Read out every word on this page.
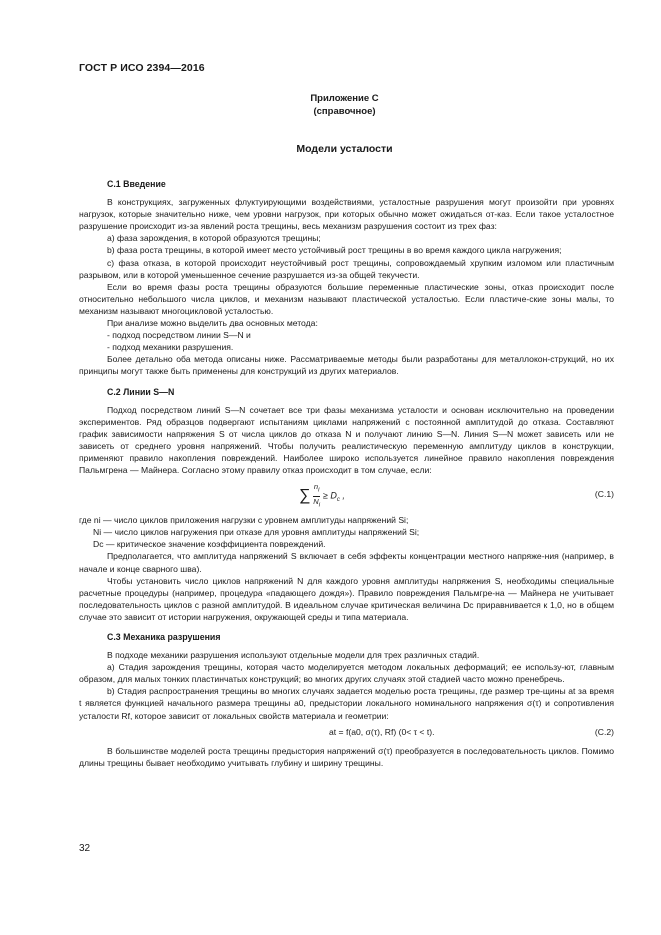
ГОСТ Р ИСО 2394—2016
Приложение С
(справочное)
Модели усталости
С.1 Введение

В конструкциях, загруженных флуктуирующими воздействиями, усталостные разрушения могут произойти при уровнях нагрузок, которые значительно ниже, чем уровни нагрузок, при которых обычно может ожидаться от-каз. Если такое усталостное разрушение происходит из-за явлений роста трещины, весь механизм разрушения состоит из трех фаз:

а) фаза зарождения, в которой образуются трещины;

b) фаза роста трещины, в которой имеет место устойчивый рост трещины в во время каждого цикла нагружения;

с) фаза отказа, в которой происходит неустойчивый рост трещины, сопровождаемый хрупким изломом или пластичным разрывом, или в которой уменьшенное сечение разрушается из-за общей текучести.

Если во время фазы роста трещины образуются большие переменные пластические зоны, отказ происходит после относительно небольшого числа циклов, и механизм называют пластической усталостью. Если пластиче-ские зоны малы, то механизм называют многоцикловой усталостью.

При анализе можно выделить два основных метода:

- подход посредством линии S—N и

- подход механики разрушения.

Более детально оба метода описаны ниже. Рассматриваемые методы были разработаны для металлокон-струкций, но их принципы могут также быть применены для конструкций из других материалов.

С.2 Линии S—N

Подход посредством линий S—N сочетает все три фазы механизма усталости и основан исключительно на проведении экспериментов. Ряд образцов подвергают испытаниям циклами напряжений с постоянной амплитудой до отказа. Составляют график зависимости напряжения S от числа циклов до отказа N и получают линию S—N. Линия S—N может зависеть или не зависеть от среднего уровня напряжений. Чтобы получить реалистическую переменную амплитуду циклов в конструкции, применяют правило накопления повреждений. Наиболее широко используется линейное правило накопления повреждения Пальмгрена — Майнера. Согласно этому правилу отказ происходит в том случае, если:

∑ $\frac{n_i}{N_i} \ge D_c$ ,	(С.1)

где ni — число циклов приложения нагрузки с уровнем амплитуды напряжений Si;

Ni — число циклов нагружения при отказе для уровня амплитуды напряжений Si;

Dc — критическое значение коэффициента повреждений.

Предполагается, что амплитуда напряжений S включает в себя эффекты концентрации местного напряже-ния (например, в начале и конце сварного шва).

Чтобы установить число циклов напряжений N для каждого уровня амплитуды напряжения S, необходимы специальные расчетные процедуры (например, процедура «падающего дождя»). Правило повреждения Пальмгре-на — Майнера не учитывает последовательность циклов с разной амплитудой. В идеальном случае критическая величина Dc приравнивается к 1,0, но в общем случае это зависит от истории нагружения, окружающей среды и типа материала.

С.3 Механика разрушения

В подходе механики разрушения используют отдельные модели для трех различных стадий.

а) Стадия зарождения трещины, которая часто моделируется методом локальных деформаций; ее использу-ют, главным образом, для малых тонких пластинчатых конструкций; во многих других случаях этой стадией часто можно пренебречь.

b) Стадия распространения трещины во многих случаях задается моделью роста трещины, где размер тре-щины at за время t является функцией начального размера трещины a0, предыстории локального номинального напряжения σ(τ) и сопротивления усталости Rf, которое зависит от локальных свойств материала и геометрии:

at = f(a0, σ(τ), Rf) (0< τ < t).	(С.2)

В большинстве моделей роста трещины предыстория напряжений σ(τ) преобразуется в последовательность циклов. Помимо длины трещины бывает необходимо учитывать глубину и ширину трещины.

32
